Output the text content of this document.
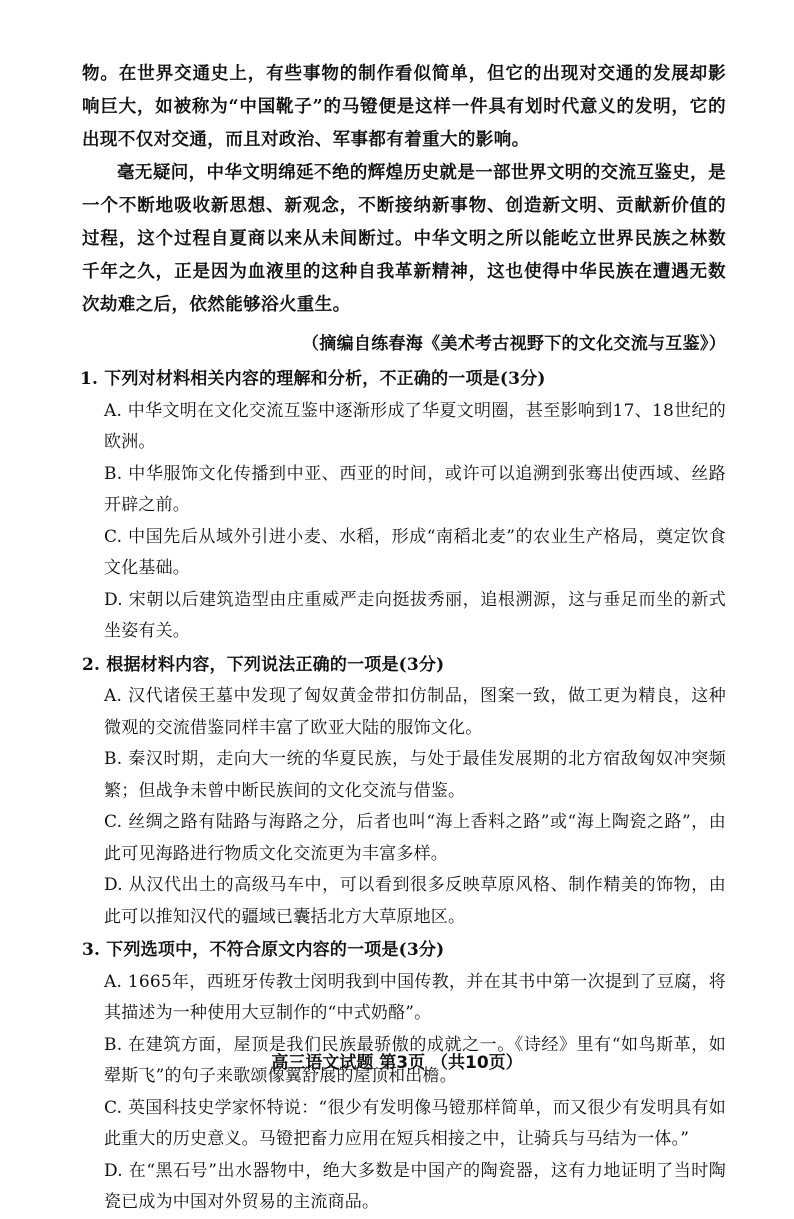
物。在世界交通史上，有些事物的制作看似简单，但它的出现对交通的发展却影响巨大，如被称为“中国靴子”的马镫便是这样一件具有划时代意义的发明，它的出现不仅对交通，而且对政治、军事都有着重大的影响。

毫无疑问，中华文明绵延不绝的辉煌历史就是一部世界文明的交流互鉴史，是一个不断地吸收新思想、新观念，不断接纳新事物、创造新文明、贡献新价值的过程，这个过程自夏商以来从未间断过。中华文明之所以能屹立世界民族之林数千年之久，正是因为血液里的这种自我革新精神，这也使得中华民族在遭遇无数次劫难之后，依然能够浴火重生。

（摘编自练春海《美术考古视野下的文化交流与互鉴》）

1. 下列对材料相关内容的理解和分析，不正确的一项是(3分)

A. 中华文明在文化交流互鉴中逐渐形成了华夏文明圈，甚至影响到17、18世纪的欧洲。

B. 中华服饰文化传播到中亚、西亚的时间，或许可以追溯到张骞出使西域、丝路开辟之前。

C. 中国先后从域外引进小麦、水稻，形成“南稻北麦”的农业生产格局，奠定饮食文化基础。

D. 宋朝以后建筑造型由庄重威严走向挺拔秀丽，追根溯源，这与垂足而坐的新式坐姿有关。

2. 根据材料内容，下列说法正确的一项是(3分)

A. 汉代诸侯王墓中发现了匈奴黄金带扣仿制品，图案一致，做工更为精良，这种微观的交流借鉴同样丰富了欧亚大陆的服饰文化。

B. 秦汉时期，走向大一统的华夏民族，与处于最佳发展期的北方宿敌匈奴冲突频繁；但战争未曾中断民族间的文化交流与借鉴。

C. 丝绸之路有陆路与海路之分，后者也叫“海上香料之路”或“海上陶瓷之路”，由此可见海路进行物质文化交流更为丰富多样。

D. 从汉代出土的高级马车中，可以看到很多反映草原风格、制作精美的饰物，由此可以推知汉代的疆域已囊括北方大草原地区。

3. 下列选项中，不符合原文内容的一项是(3分)

A. 1665年，西班牙传教士闵明我到中国传教，并在其书中第一次提到了豆腐，将其描述为一种使用大豆制作的“中式奶酪”。

B. 在建筑方面，屋顶是我们民族最骄傲的成就之一。《诗经》里有“如鸟斯革，如翚斯飞”的句子来歌颂像翼舒展的屋顶和出檐。

C. 英国科技史学家怀特说：“很少有发明像马镫那样简单，而又很少有发明具有如此重大的历史意义。马镫把畜力应用在短兵相接之中，让骑兵与马结为一体。”

D. 在“黑石号”出水器物中，绝大多数是中国产的陶瓷器，这有力地证明了当时陶瓷已成为中国对外贸易的主流商品。

高三语文试题 第3页 （共10页）
